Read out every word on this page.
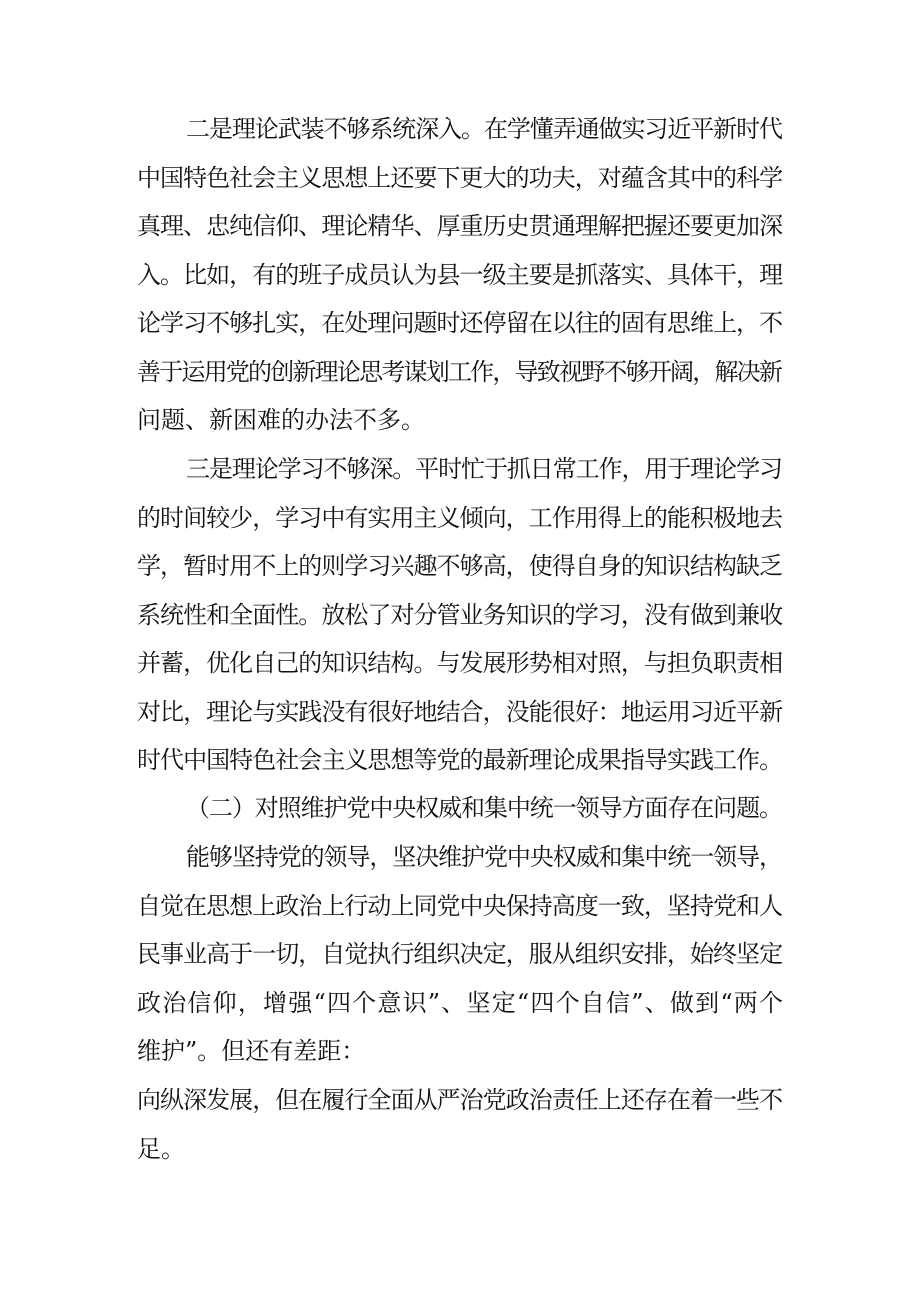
二是理论武装不够系统深入。在学懂弄通做实习近平新时代
中国特色社会主义思想上还要下更大的功夫，对蕴含其中的科学
真理、忠纯信仰、理论精华、厚重历史贯通理解把握还要更加深
入。比如，有的班子成员认为县一级主要是抓落实、具体干，理
论学习不够扎实，在处理问题时还停留在以往的固有思维上，不
善于运用党的创新理论思考谋划工作，导致视野不够开阔，解决新
问题、新困难的办法不多。
三是理论学习不够深。平时忙于抓日常工作，用于理论学习
的时间较少，学习中有实用主义倾向，工作用得上的能积极地去
学，暂时用不上的则学习兴趣不够高，使得自身的知识结构缺乏
系统性和全面性。放松了对分管业务知识的学习，没有做到兼收
并蓄，优化自己的知识结构。与发展形势相对照，与担负职责相
对比，理论与实践没有很好地结合，没能很好：地运用习近平新
时代中国特色社会主义思想等党的最新理论成果指导实践工作。
（二）对照维护党中央权威和集中统一领导方面存在问题。
能够坚持党的领导，坚决维护党中央权威和集中统一领导，
自觉在思想上政治上行动上同党中央保持高度一致，坚持党和人
民事业高于一切，自觉执行组织决定，服从组织安排，始终坚定
政治信仰，增强“四个意识”、坚定“四个自信”、做到“两个
维护”。但还有差距：
向纵深发展，但在履行全面从严治党政治责任上还存在着一些不
足。
